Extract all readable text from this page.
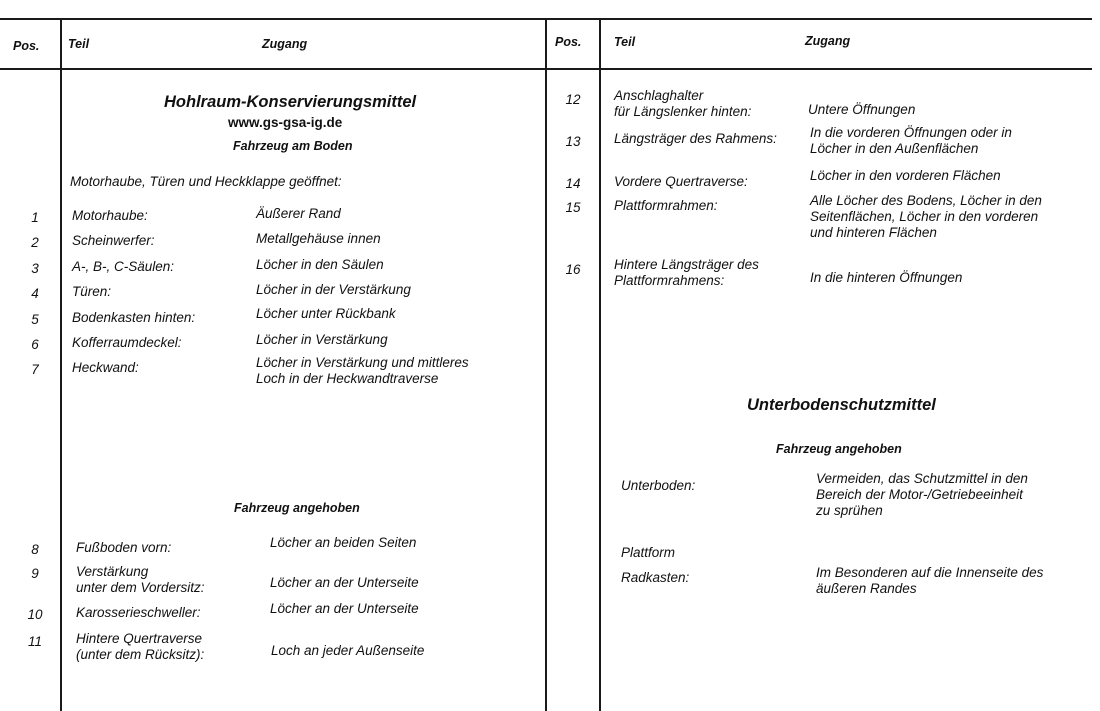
Pos. Teil	Zugang	Pos.	Teil	Zugang
Hohlraum-Konservierungsmittel
www.gs-gsa-ig.de
Fahrzeug am Boden
Motorhaube, Türen und Heckklappe geöffnet:
1	Motorhaube:	Äußerer Rand
2	Scheinwerfer:	Metallgehäuse innen
3	A-, B-, C-Säulen:	Löcher in den Säulen
4	Türen:	Löcher in der Verstärkung
5	Bodenkasten hinten:	Löcher unter Rückbank
6	Kofferraumdeckel:	Löcher in Verstärkung
7	Heckwand:	Löcher in Verstärkung und mittleres
Loch in der Heckwandtraverse
Fahrzeug angehoben
8	Fußboden vorn:	Löcher an beiden Seiten
9	Verstärkung
unter dem Vordersitz:	Löcher an der Unterseite
10	Karosserieschweller:	Löcher an der Unterseite
11	Hintere Quertraverse
(unter dem Rücksitz):	Loch an jeder Außenseite
12	Anschlaghalter
für Längslenker hinten:	Untere Öffnungen
13	Längsträger des Rahmens: In die vorderen Öffnungen oder in
Löcher in den Außenflächen
14	Vordere Quertraverse:	Löcher in den vorderen Flächen
15	Plattformrahmen:	Alle Löcher des Bodens, Löcher in den
Seitenflächen, Löcher in den vorderen
und hinteren Flächen
16	Hintere Längsträger des
Plattformrahmens:	In die hinteren Öffnungen
Unterbodenschutzmittel
Fahrzeug angehoben
Unterboden:	Vermeiden, das Schutzmittel in den
Bereich der Motor-/Getriebeeinheit
zu sprühen
Plattform
Radkasten:	Im Besonderen auf die Innenseite des
äußeren Randes
